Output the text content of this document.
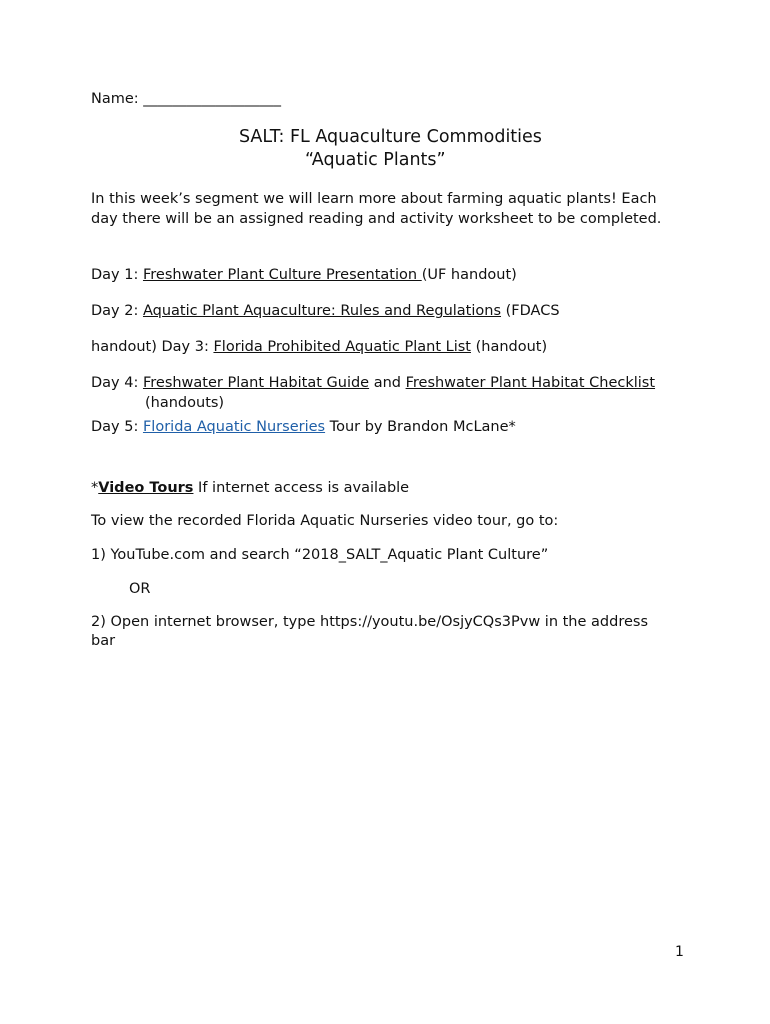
Name: ___________________
SALT: FL Aquaculture Commodities
“Aquatic Plants”
In this week’s segment we will learn more about farming aquatic plants! Each day there will be an assigned reading and activity worksheet to be completed.
Day 1: Freshwater Plant Culture Presentation (UF handout)
Day 2: Aquatic Plant Aquaculture: Rules and Regulations (FDACS
handout) Day 3: Florida Prohibited Aquatic Plant List (handout)
Day 4: Freshwater Plant Habitat Guide and Freshwater Plant Habitat Checklist
(handouts)
Day 5: Florida Aquatic Nurseries Tour by Brandon McLane*
*Video Tours If internet access is available
To view the recorded Florida Aquatic Nurseries video tour, go to:
1) YouTube.com and search “2018_SALT_Aquatic Plant Culture”
OR
2) Open internet browser, type https://youtu.be/OsjyCQs3Pvw in the address
bar
1
